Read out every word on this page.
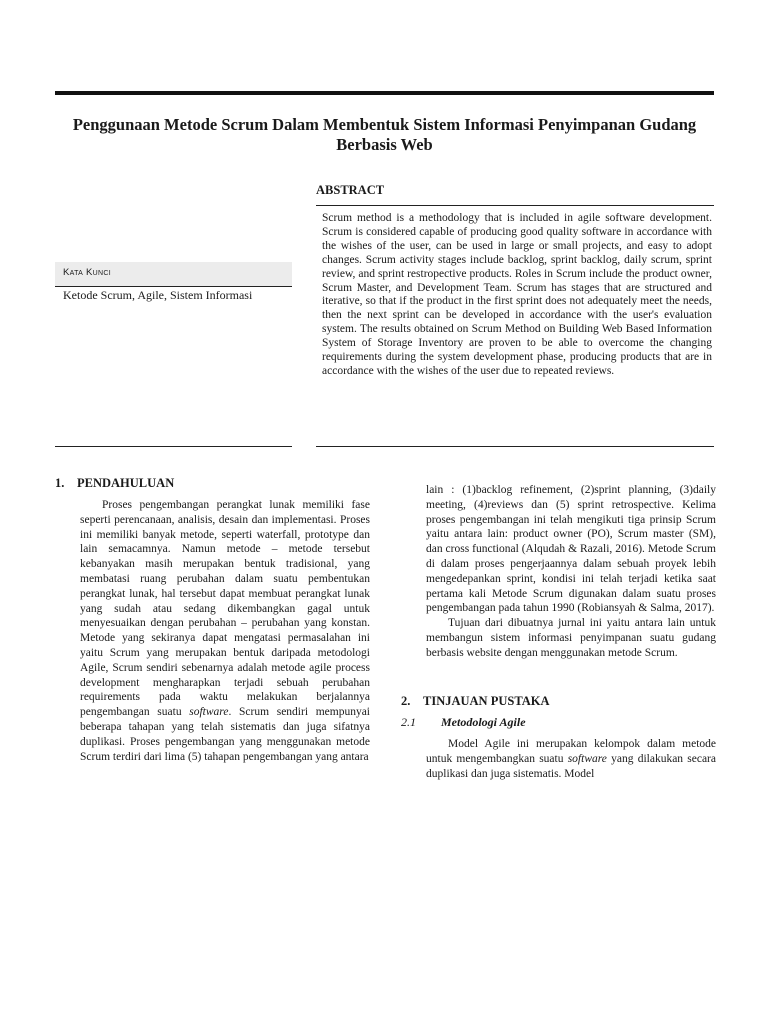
Penggunaan Metode Scrum Dalam Membentuk Sistem Informasi Penyimpanan Gudang Berbasis Web
ABSTRACT
Scrum method is a methodology that is included in agile software development. Scrum is considered capable of producing good quality software in accordance with the wishes of the user, can be used in large or small projects, and easy to adopt changes. Scrum activity stages include backlog, sprint backlog, daily scrum, sprint review, and sprint restropective products. Roles in Scrum include the product owner, Scrum Master, and Development Team. Scrum has stages that are structured and iterative, so that if the product in the first sprint does not adequately meet the needs, then the next sprint can be developed in accordance with the user's evaluation system. The results obtained on Scrum Method on Building Web Based Information System of Storage Inventory are proven to be able to overcome the changing requirements during the system development phase, producing products that are in accordance with the wishes of the user due to repeated reviews.
Kata Kunci
Ketode Scrum, Agile, Sistem Informasi
1. PENDAHULUAN

Proses pengembangan perangkat lunak memiliki fase seperti perencanaan, analisis, desain dan implementasi. Proses ini memiliki banyak metode, seperti waterfall, prototype dan lain semacamnya. Namun metode – metode tersebut kebanyakan masih merupakan bentuk tradisional, yang membatasi ruang perubahan dalam suatu pembentukan perangkat lunak, hal tersebut dapat membuat perangkat lunak yang sudah atau sedang dikembangkan gagal untuk menyesuaikan dengan perubahan – perubahan yang konstan. Metode yang sekiranya dapat mengatasi permasalahan ini yaitu Scrum yang merupakan bentuk daripada metodologi Agile, Scrum sendiri sebenarnya adalah metode agile process development mengharapkan terjadi sebuah perubahan requirements pada waktu melakukan berjalannya pengembangan suatu software. Scrum sendiri mempunyai beberapa tahapan yang telah sistematis dan juga sifatnya duplikasi. Proses pengembangan yang menggunakan metode Scrum terdiri dari lima (5) tahapan pengembangan yang antara

lain : (1)backlog refinement, (2)sprint planning, (3)daily meeting, (4)reviews dan (5) sprint retrospective. Kelima proses pengembangan ini telah mengikuti tiga prinsip Scrum yaitu antara lain: product owner (PO), Scrum master (SM), dan cross functional (Alqudah & Razali, 2016). Metode Scrum di dalam proses pengerjaannya dalam sebuah proyek lebih mengedepankan sprint, kondisi ini telah terjadi ketika saat pertama kali Metode Scrum digunakan dalam suatu proses pengembangan pada tahun 1990 (Robiansyah & Salma, 2017).

Tujuan dari dibuatnya jurnal ini yaitu antara lain untuk membangun sistem informasi penyimpanan suatu gudang berbasis website dengan menggunakan metode Scrum.

2. TINJAUAN PUSTAKA
2.1 Metodologi Agile

Model Agile ini merupakan kelompok dalam metode untuk mengembangkan suatu software yang dilakukan secara duplikasi dan juga sistematis. Model
